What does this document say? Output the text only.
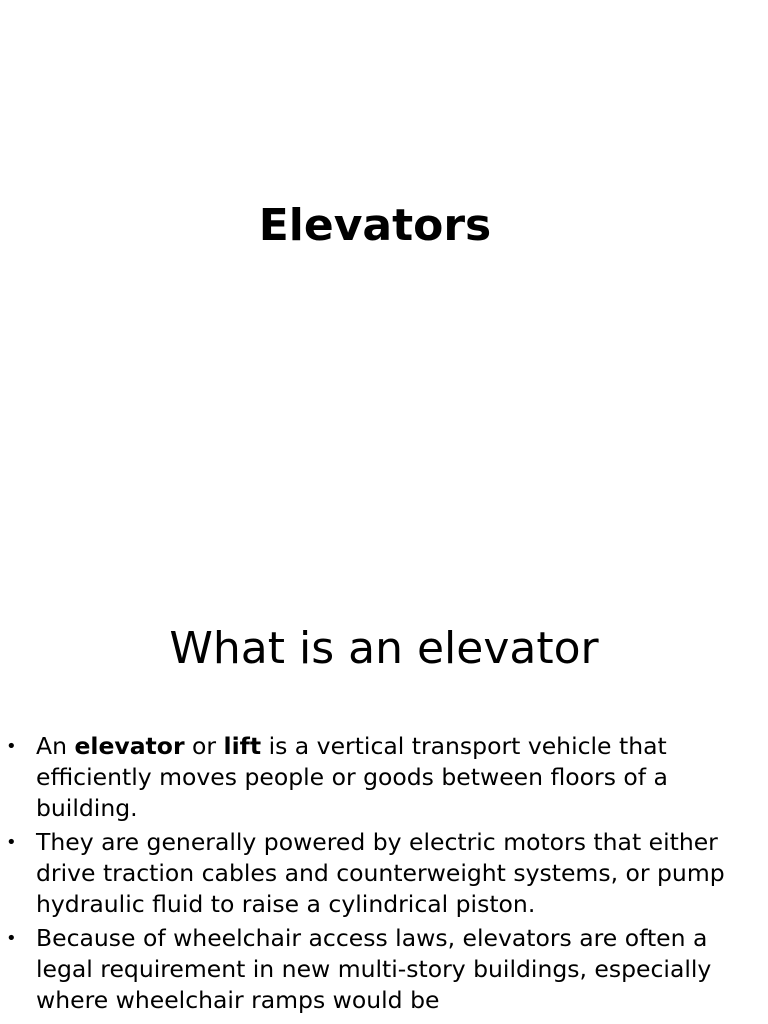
Elevators
What is an elevator
• An elevator or lift is a vertical transport vehicle that efficiently moves people or goods between floors of a building.
• They are generally powered by electric motors that either drive traction cables and counterweight systems, or pump hydraulic fluid to raise a cylindrical piston.
• Because of wheelchair access laws, elevators are often a legal requirement in new multi-story buildings, especially where wheelchair ramps would be
